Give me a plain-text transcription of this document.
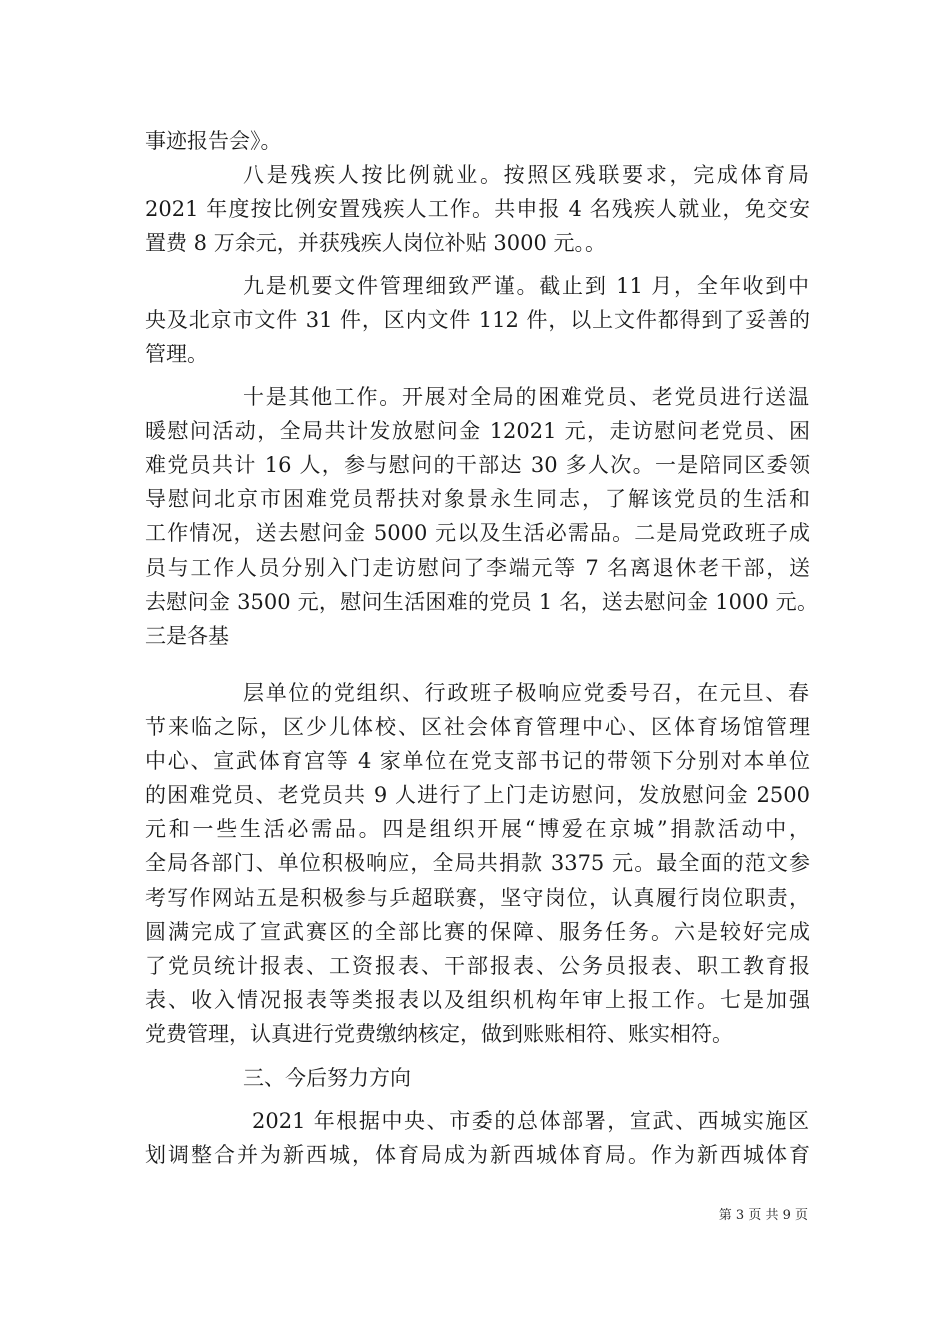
事迹报告会》。
八是残疾人按比例就业。按照区残联要求，完成体育局
2021 年度按比例安置残疾人工作。共申报 4 名残疾人就业，免交安
置费 8 万余元，并获残疾人岗位补贴 3000 元。。
九是机要文件管理细致严谨。截止到 11 月，全年收到中
央及北京市文件 31 件，区内文件 112 件，以上文件都得到了妥善的
管理。
十是其他工作。开展对全局的困难党员、老党员进行送温
暖慰问活动，全局共计发放慰问金 12021 元，走访慰问老党员、困
难党员共计 16 人，参与慰问的干部达 30 多人次。一是陪同区委领
导慰问北京市困难党员帮扶对象景永生同志，了解该党员的生活和
工作情况，送去慰问金 5000 元以及生活必需品。二是局党政班子成
员与工作人员分别入门走访慰问了李端元等 7 名离退休老干部，送
去慰问金 3500 元，慰问生活困难的党员 1 名，送去慰问金 1000 元。
三是各基
层单位的党组织、行政班子极响应党委号召，在元旦、春
节来临之际，区少儿体校、区社会体育管理中心、区体育场馆管理
中心、宣武体育宫等 4 家单位在党支部书记的带领下分别对本单位
的困难党员、老党员共 9 人进行了上门走访慰问，发放慰问金 2500
元和一些生活必需品。四是组织开展“博爱在京城”捐款活动中，
全局各部门、单位积极响应，全局共捐款 3375 元。最全面的范文参
考写作网站五是积极参与乒超联赛，坚守岗位，认真履行岗位职责，
圆满完成了宣武赛区的全部比赛的保障、服务任务。六是较好完成
了党员统计报表、工资报表、干部报表、公务员报表、职工教育报
表、收入情况报表等类报表以及组织机构年审上报工作。七是加强
党费管理，认真进行党费缴纳核定，做到账账相符、账实相符。
三、今后努力方向
2021 年根据中央、市委的总体部署，宣武、西城实施区
划调整合并为新西城，体育局成为新西城体育局。作为新西城体育
第 3 页 共 9 页
